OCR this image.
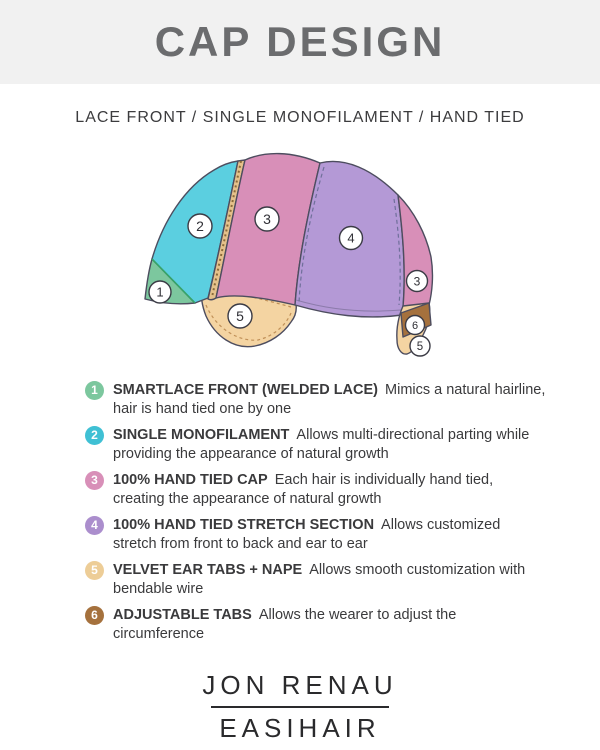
CAP DESIGN
LACE FRONT / SINGLE MONOFILAMENT / HAND TIED
1
2	3
4
3
6
5
5
1	SMARTLACE FRONT (WELDED LACE) Mimics a natural hairline, hair is hand tied one by one

2	SINGLE MONOFILAMENT Allows multi-directional parting while providing the appearance of natural growth

3	100% HAND TIED CAP Each hair is individually hand tied, creating the appearance of natural growth

4	100% HAND TIED STRETCH SECTION Allows customized stretch from front to back and ear to ear

5	VELVET EAR TABS + NAPE Allows smooth customization with bendable wire

6	ADJUSTABLE TABS Allows the wearer to adjust the circumference

JON RENAU
EASIHAIR
